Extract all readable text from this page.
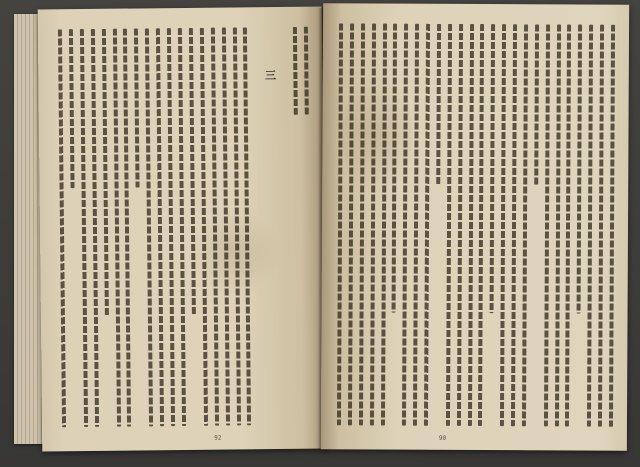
三
92	90
